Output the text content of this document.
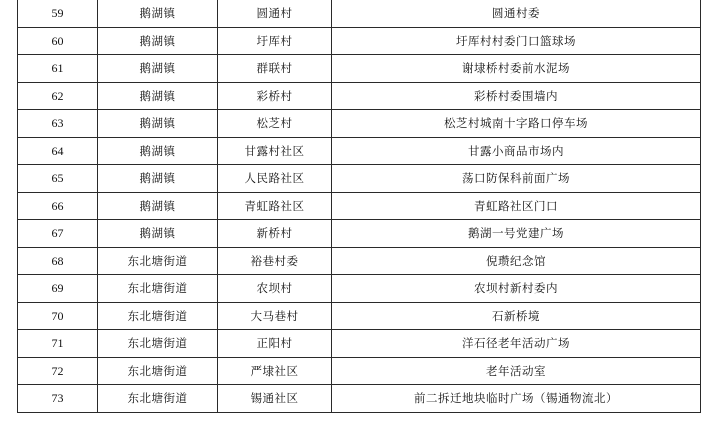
59	鹅湖镇	圆通村	圆通村委
60	鹅湖镇	圩厍村	圩厍村村委门口篮球场
61	鹅湖镇	群联村	谢埭桥村委前水泥场
62	鹅湖镇	彩桥村	彩桥村委围墙内
63	鹅湖镇	松芝村	松芝村城南十字路口停车场
64	鹅湖镇	甘露村社区	甘露小商品市场内
65	鹅湖镇	人民路社区	荡口防保科前面广场
66	鹅湖镇	青虹路社区	青虹路社区门口
67	鹅湖镇	新桥村	鹅湖一号党建广场
68	东北塘街道	裕巷村委	倪瓒纪念馆
69	东北塘街道	农坝村	农坝村新村委内
70	东北塘街道	大马巷村	石新桥境
71	东北塘街道	正阳村	洋石径老年活动广场
72	东北塘街道	严埭社区	老年活动室
73	东北塘街道	锡通社区	前二拆迁地块临时广场（锡通物流北）
